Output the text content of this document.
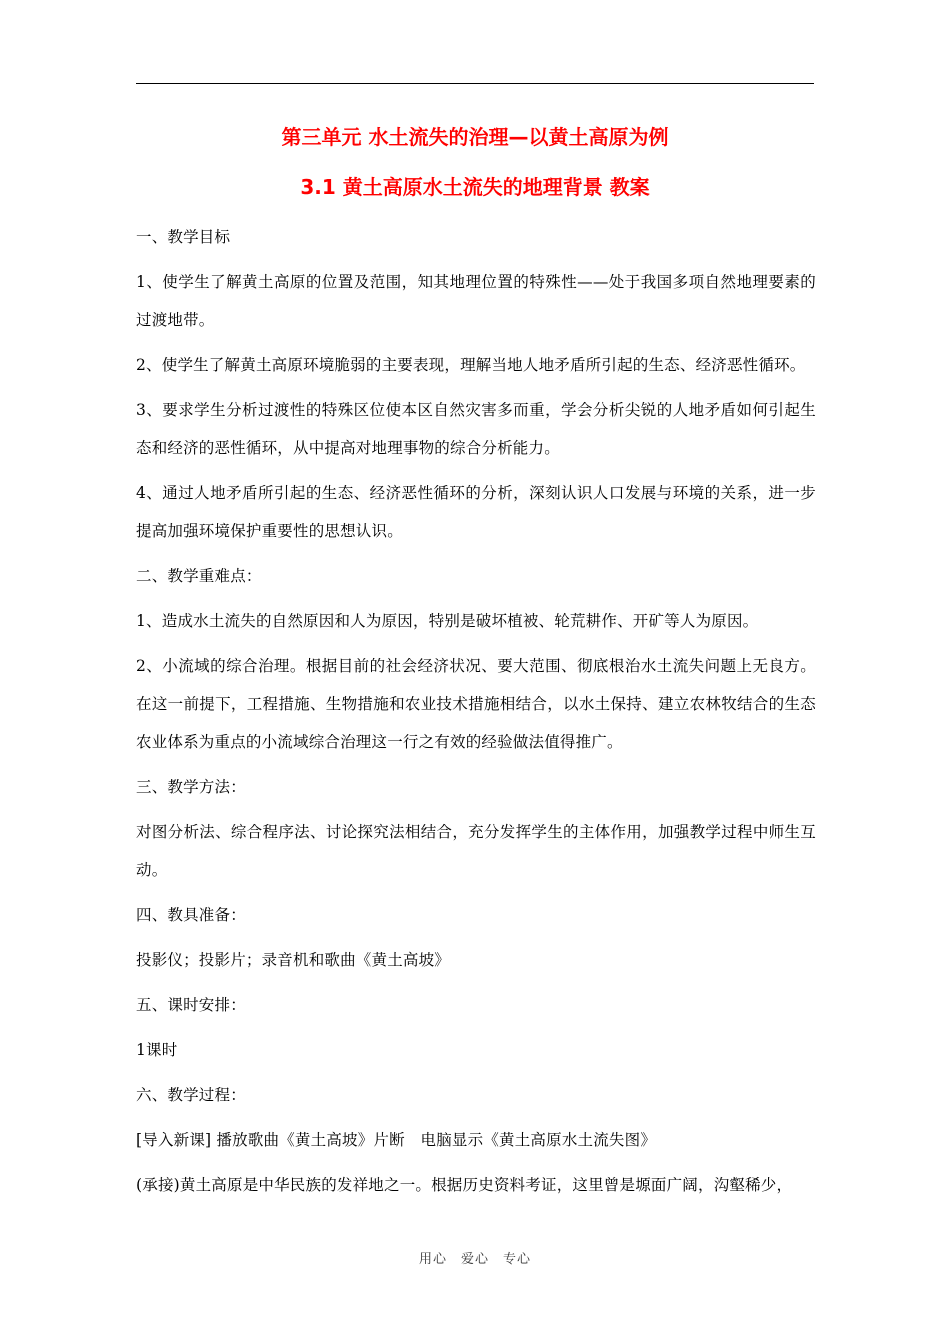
第三单元 水土流失的治理—以黄土高原为例
3.1 黄土高原水土流失的地理背景 教案

一、教学目标

1、使学生了解黄土高原的位置及范围，知其地理位置的特殊性——处于我国多项自然地理要素的过渡地带。

2、使学生了解黄土高原环境脆弱的主要表现，理解当地人地矛盾所引起的生态、经济恶性循环。

3、要求学生分析过渡性的特殊区位使本区自然灾害多而重，学会分析尖锐的人地矛盾如何引起生态和经济的恶性循环，从中提高对地理事物的综合分析能力。

4、通过人地矛盾所引起的生态、经济恶性循环的分析，深刻认识人口发展与环境的关系，进一步提高加强环境保护重要性的思想认识。

二、教学重难点：

1、造成水土流失的自然原因和人为原因，特别是破坏植被、轮荒耕作、开矿等人为原因。

2、小流域的综合治理。根据目前的社会经济状况、要大范围、彻底根治水土流失问题上无良方。在这一前提下，工程措施、生物措施和农业技术措施相结合，以水土保持、建立农林牧结合的生态农业体系为重点的小流域综合治理这一行之有效的经验做法值得推广。

三、教学方法：

对图分析法、综合程序法、讨论探究法相结合，充分发挥学生的主体作用，加强教学过程中师生互动。

四、教具准备：

投影仪；投影片；录音机和歌曲《黄土高坡》

五、课时安排：

1课时

六、教学过程：

[导入新课] 播放歌曲《黄土高坡》片断　电脑显示《黄土高原水土流失图》

(承接)黄土高原是中华民族的发祥地之一。根据历史资料考证，这里曾是塬面广阔，沟壑稀少，

用心　爱心　专心
